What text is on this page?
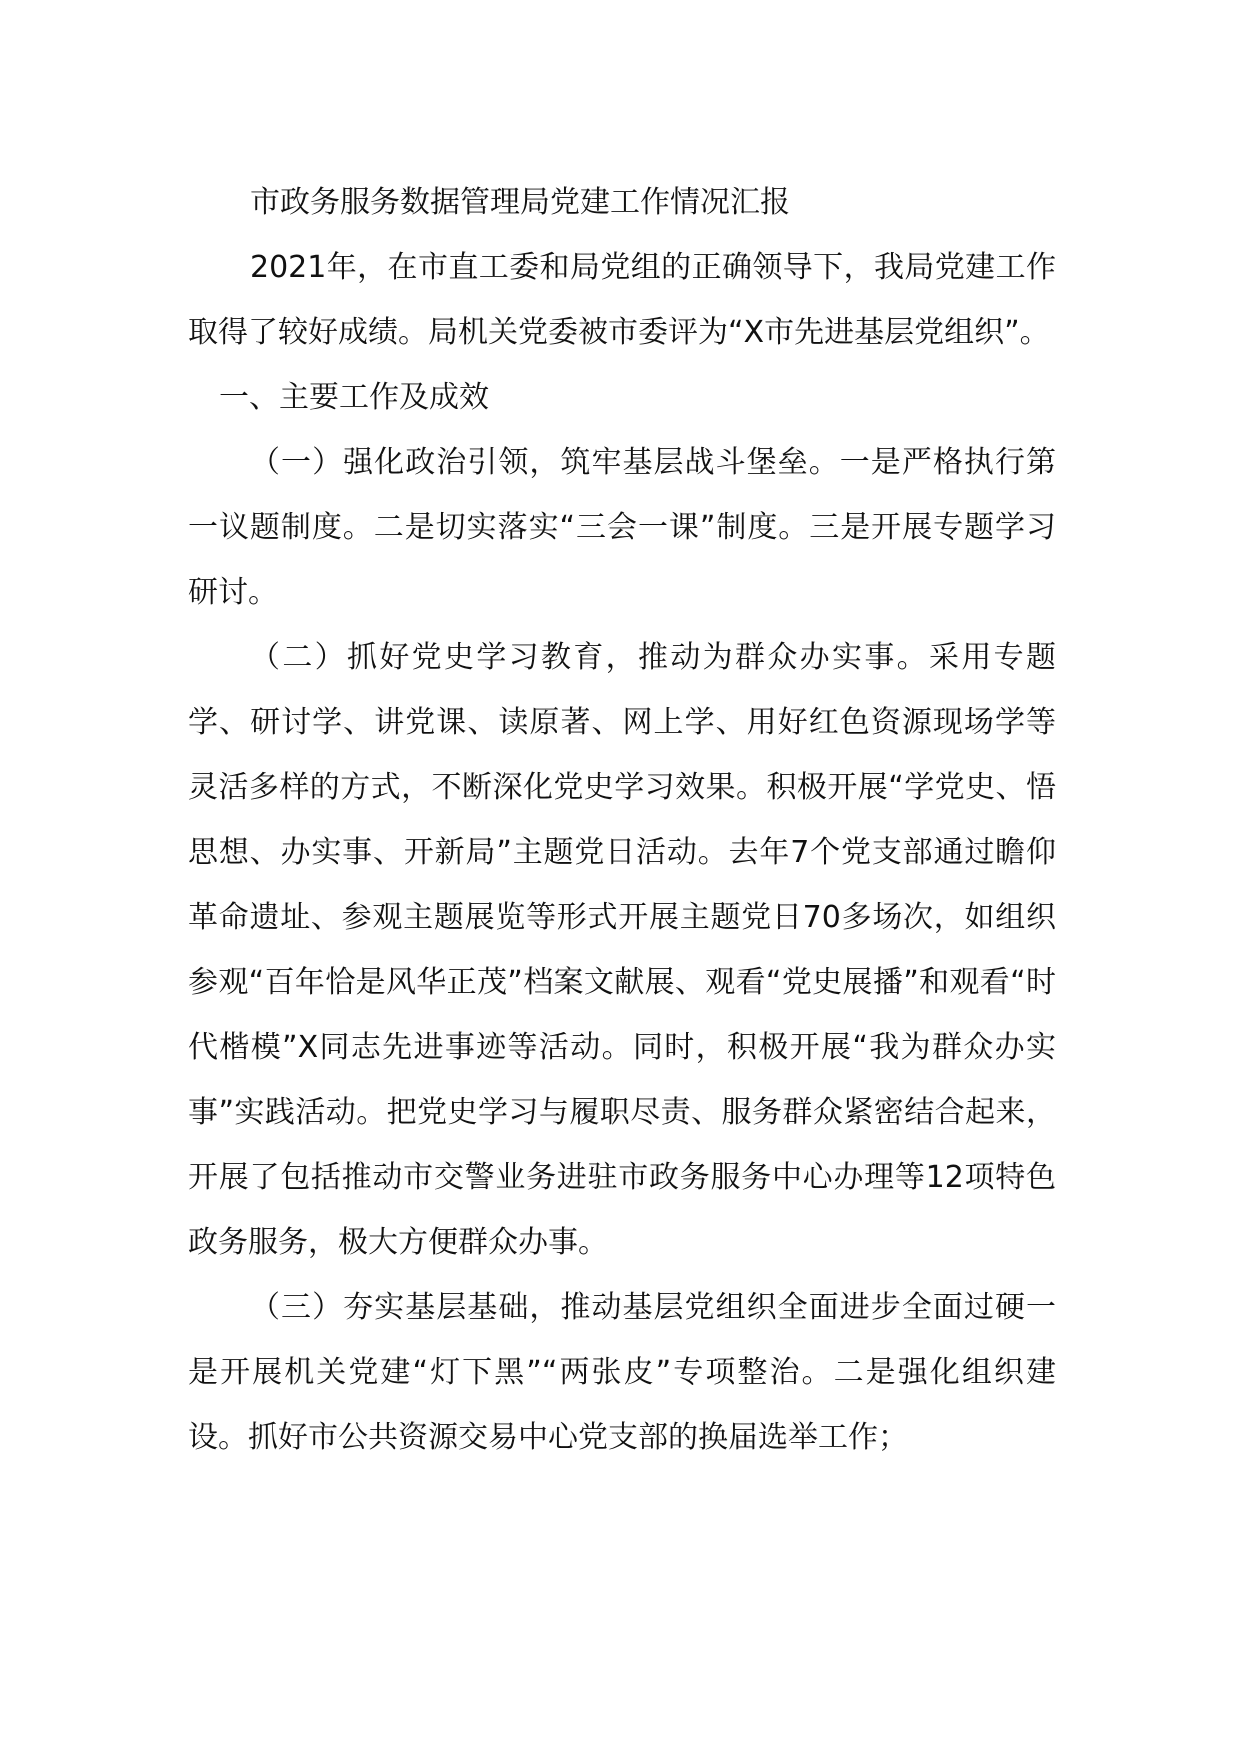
市政务服务数据管理局党建工作情况汇报

2021年，在市直工委和局党组的正确领导下，我局党建工作取得了较好成绩。局机关党委被市委评为“X市先进基层党组织”。

一、主要工作及成效

（一）强化政治引领，筑牢基层战斗堡垒。一是严格执行第一议题制度。二是切实落实“三会一课”制度。三是开展专题学习研讨。

（二）抓好党史学习教育，推动为群众办实事。采用专题学、研讨学、讲党课、读原著、网上学、用好红色资源现场学等灵活多样的方式，不断深化党史学习效果。积极开展“学党史、悟思想、办实事、开新局”主题党日活动。去年7个党支部通过瞻仰革命遗址、参观主题展览等形式开展主题党日70多场次，如组织参观“百年恰是风华正茂”档案文献展、观看“党史展播”和观看“时代楷模”X同志先进事迹等活动。同时，积极开展“我为群众办实事”实践活动。把党史学习与履职尽责、服务群众紧密结合起来，开展了包括推动市交警业务进驻市政务服务中心办理等12项特色政务服务，极大方便群众办事。

（三）夯实基层基础，推动基层党组织全面进步全面过硬一是开展机关党建“灯下黑”“两张皮”专项整治。二是强化组织建设。抓好市公共资源交易中心党支部的换届选举工作；
